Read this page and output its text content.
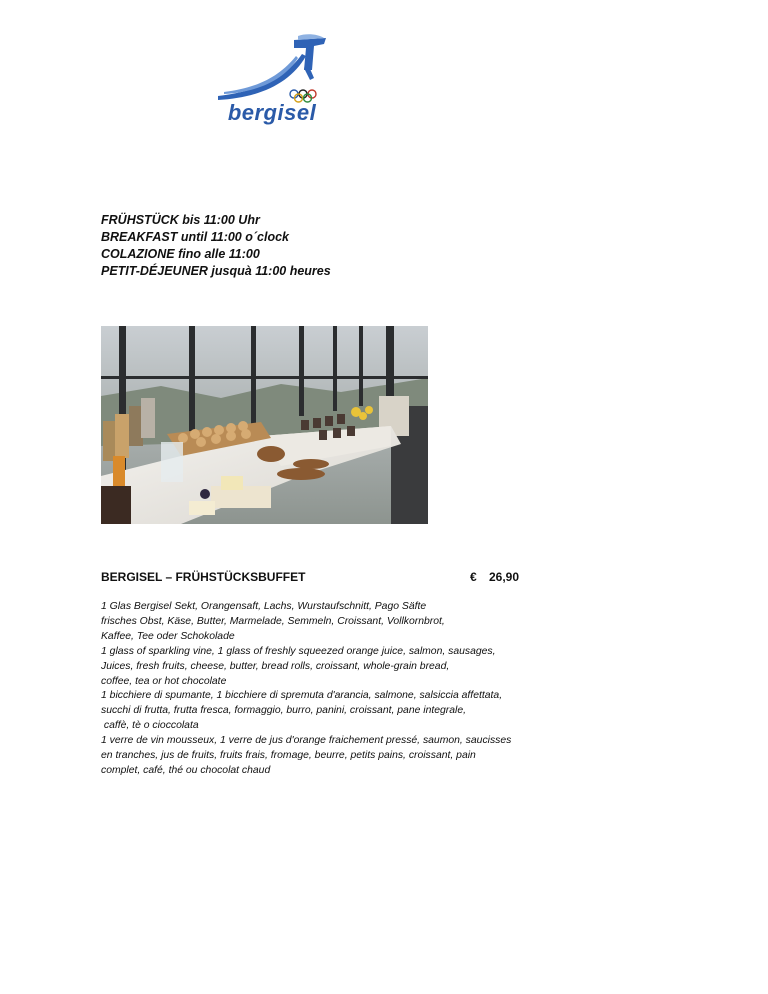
bergisel
FRÜHSTÜCK bis 11:00 Uhr
BREAKFAST until 11:00 o´clock
COLAZIONE fino alle 11:00
PETIT-DÉJEUNER jusquà 11:00 heures
BERGISEL – FRÜHSTÜCKSBUFFET	€ 26,90
1 Glas Bergisel Sekt, Orangensaft, Lachs, Wurstaufschnitt, Pago Säfte
frisches Obst, Käse, Butter, Marmelade, Semmeln, Croissant, Vollkornbrot,
Kaffee, Tee oder Schokolade
1 glass of sparkling vine, 1 glass of freshly squeezed orange juice, salmon, sausages,
Juices, fresh fruits, cheese, butter, bread rolls, croissant, whole-grain bread,
coffee, tea or hot chocolate
1 bicchiere di spumante, 1 bicchiere di spremuta d'arancia, salmone, salsiccia affettata,
succhi di frutta, frutta fresca, formaggio, burro, panini, croissant, pane integrale,
caffè, tè o cioccolata
1 verre de vin mousseux, 1 verre de jus d'orange fraichement pressé, saumon, saucisses
en tranches, jus de fruits, fruits frais, fromage, beurre, petits pains, croissant, pain
complet, café, thé ou chocolat chaud
